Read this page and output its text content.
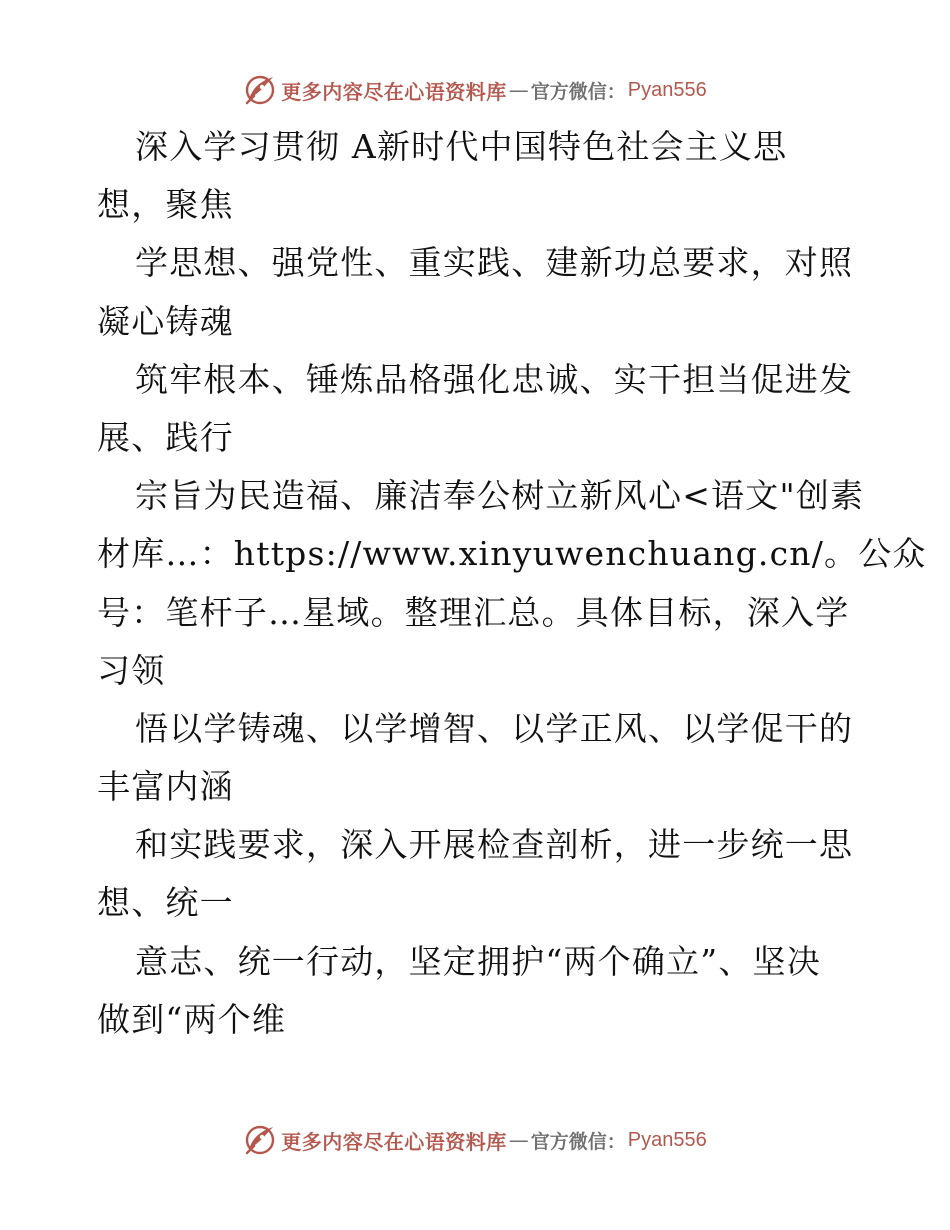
更多内容尽在心语资料库 — 官方微信： Pyan556
深入学习贯彻 A新时代中国特色社会主义思
想，聚焦
学思想、强党性、重实践、建新功总要求，对照
凝心铸魂
筑牢根本、锤炼品格强化忠诚、实干担当促进发
展、践行
宗旨为民造福、廉洁奉公树立新风心<语文"创素
材库…：https://www.xinyuwenchuang.cn/。公众
号：笔杆子…星域。整理汇总。具体目标，深入学
习领
悟以学铸魂、以学增智、以学正风、以学促干的
丰富内涵
和实践要求，深入开展检查剖析，进一步统一思
想、统一
意志、统一行动，坚定拥护“两个确立”、坚决
做到“两个维
更多内容尽在心语资料库 — 官方微信： Pyan556
